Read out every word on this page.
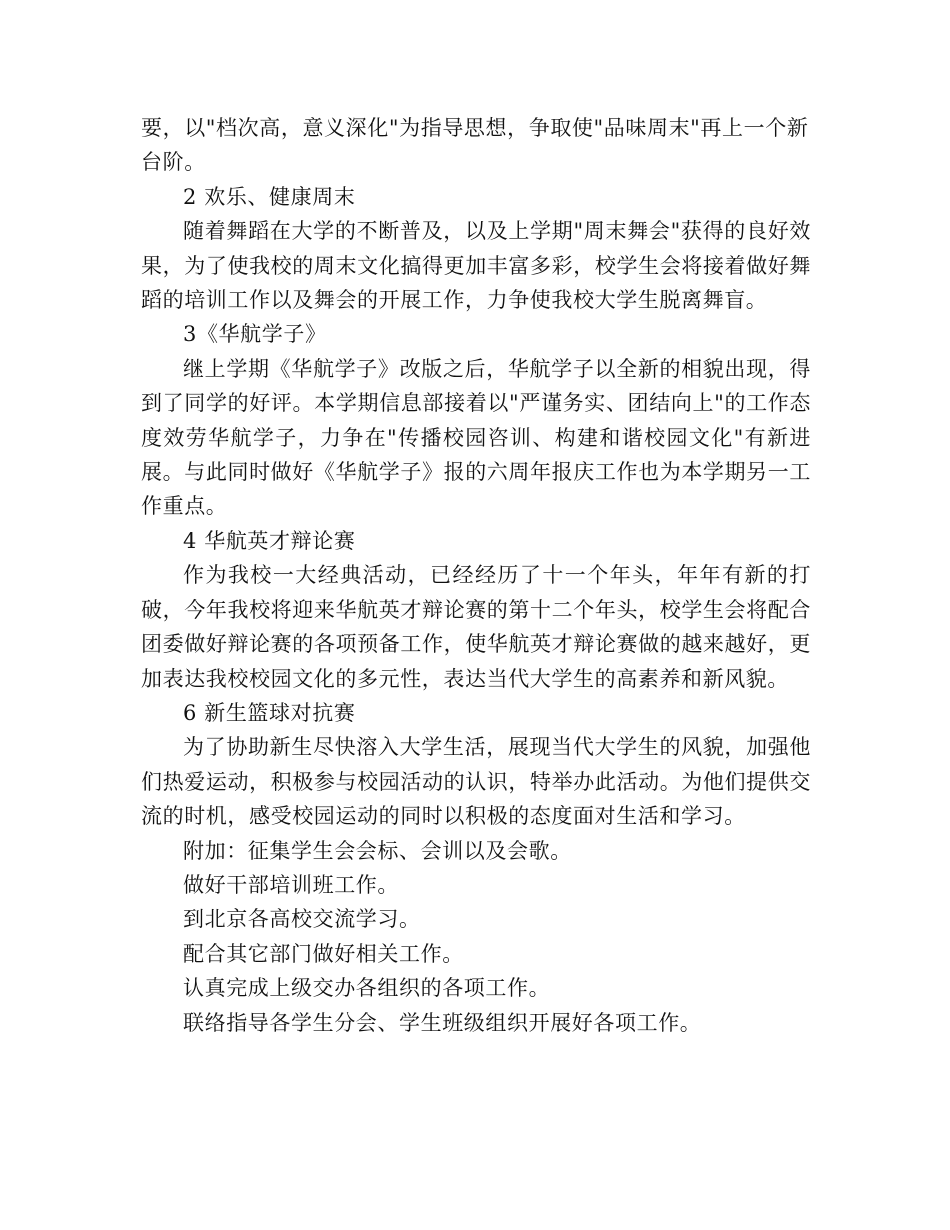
要，以"档次高，意义深化"为指导思想，争取使"品味周末"再上一个新台阶。

2 欢乐、健康周末

随着舞蹈在大学的不断普及，以及上学期"周末舞会"获得的良好效果，为了使我校的周末文化搞得更加丰富多彩，校学生会将接着做好舞蹈的培训工作以及舞会的开展工作，力争使我校大学生脱离舞盲。

3《华航学子》

继上学期《华航学子》改版之后，华航学子以全新的相貌出现，得到了同学的好评。本学期信息部接着以"严谨务实、团结向上"的工作态度效劳华航学子，力争在"传播校园咨训、构建和谐校园文化"有新进展。与此同时做好《华航学子》报的六周年报庆工作也为本学期另一工作重点。

4 华航英才辩论赛

作为我校一大经典活动，已经经历了十一个年头，年年有新的打破，今年我校将迎来华航英才辩论赛的第十二个年头，校学生会将配合团委做好辩论赛的各项预备工作，使华航英才辩论赛做的越来越好，更加表达我校校园文化的多元性，表达当代大学生的高素养和新风貌。

6 新生篮球对抗赛

为了协助新生尽快溶入大学生活，展现当代大学生的风貌，加强他们热爱运动，积极参与校园活动的认识，特举办此活动。为他们提供交流的时机，感受校园运动的同时以积极的态度面对生活和学习。

附加：征集学生会会标、会训以及会歌。

做好干部培训班工作。

到北京各高校交流学习。

配合其它部门做好相关工作。

认真完成上级交办各组织的各项工作。

联络指导各学生分会、学生班级组织开展好各项工作。
